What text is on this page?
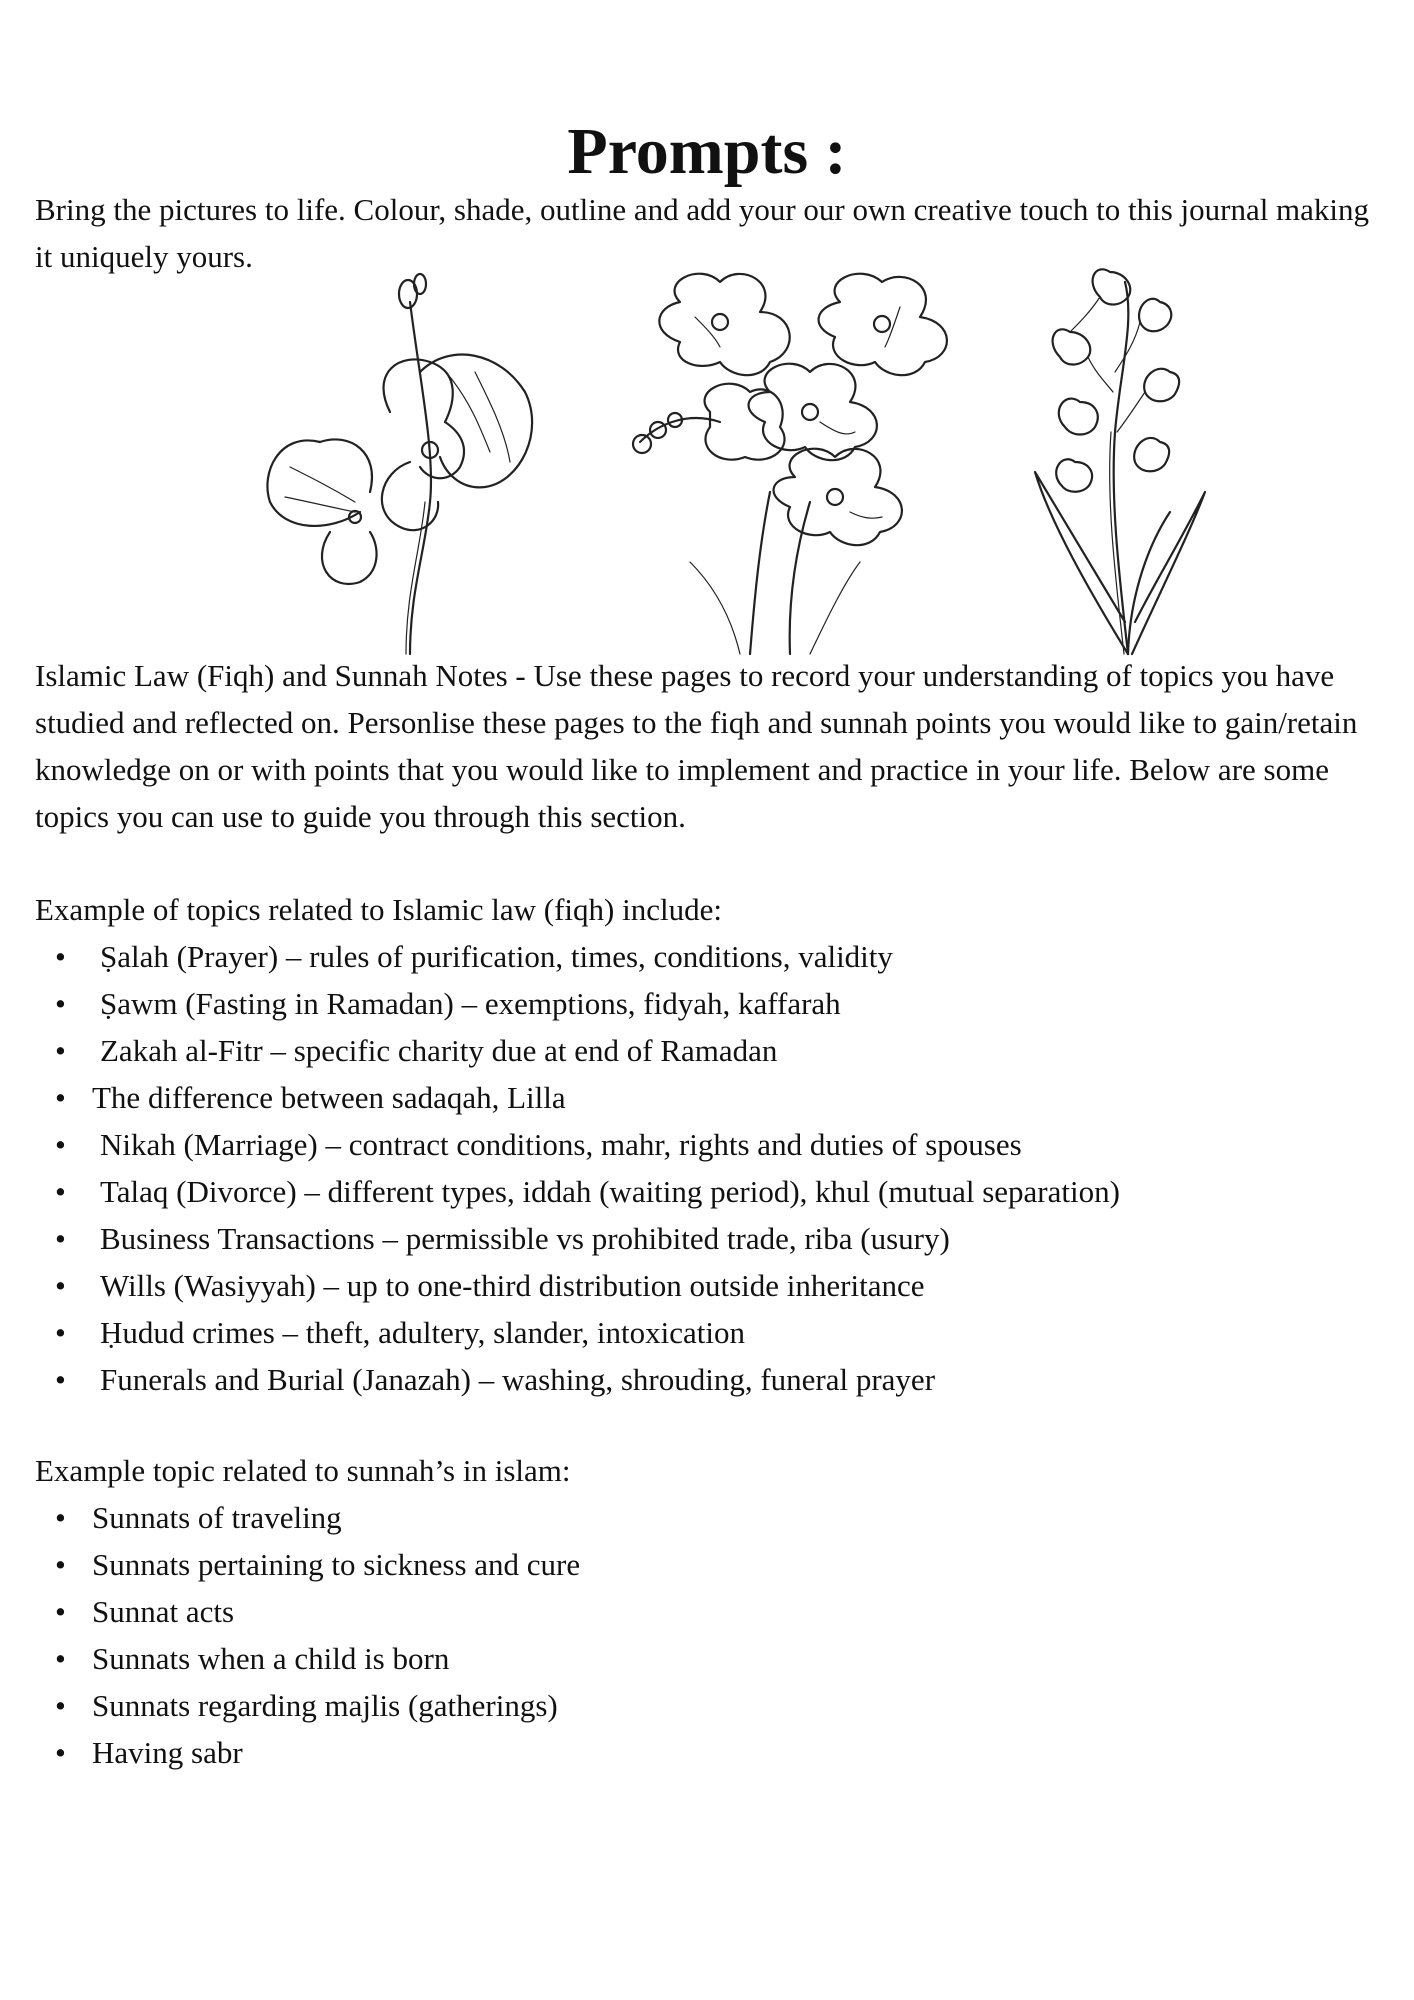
Prompts :

Bring the pictures to life. Colour, shade, outline and add your our own creative touch to this journal making it uniquely yours.

Islamic Law (Fiqh) and Sunnah Notes - Use these pages to record your understanding of topics you have studied and reflected on. Personlise these pages to the fiqh and sunnah points you would like to gain/retain knowledge on or with points that you would like to implement and practice in your life. Below are some topics you can use to guide you through this section.

Example of topics related to Islamic law (fiqh) include:

• Ṣalah (Prayer) – rules of purification, times, conditions, validity
• Ṣawm (Fasting in Ramadan) – exemptions, fidyah, kaffarah
• Zakah al-Fitr – specific charity due at end of Ramadan
• The difference between sadaqah, Lilla
• Nikah (Marriage) – contract conditions, mahr, rights and duties of spouses
• Talaq (Divorce) – different types, iddah (waiting period), khul (mutual separation)
• Business Transactions – permissible vs prohibited trade, riba (usury)
• Wills (Wasiyyah) – up to one-third distribution outside inheritance
• Ḥudud crimes – theft, adultery, slander, intoxication
• Funerals and Burial (Janazah) – washing, shrouding, funeral prayer

Example topic related to sunnah’s in islam:

• Sunnats of traveling
• Sunnats pertaining to sickness and cure
• Sunnat acts
• Sunnats when a child is born
• Sunnats regarding majlis (gatherings)
• Having sabr
